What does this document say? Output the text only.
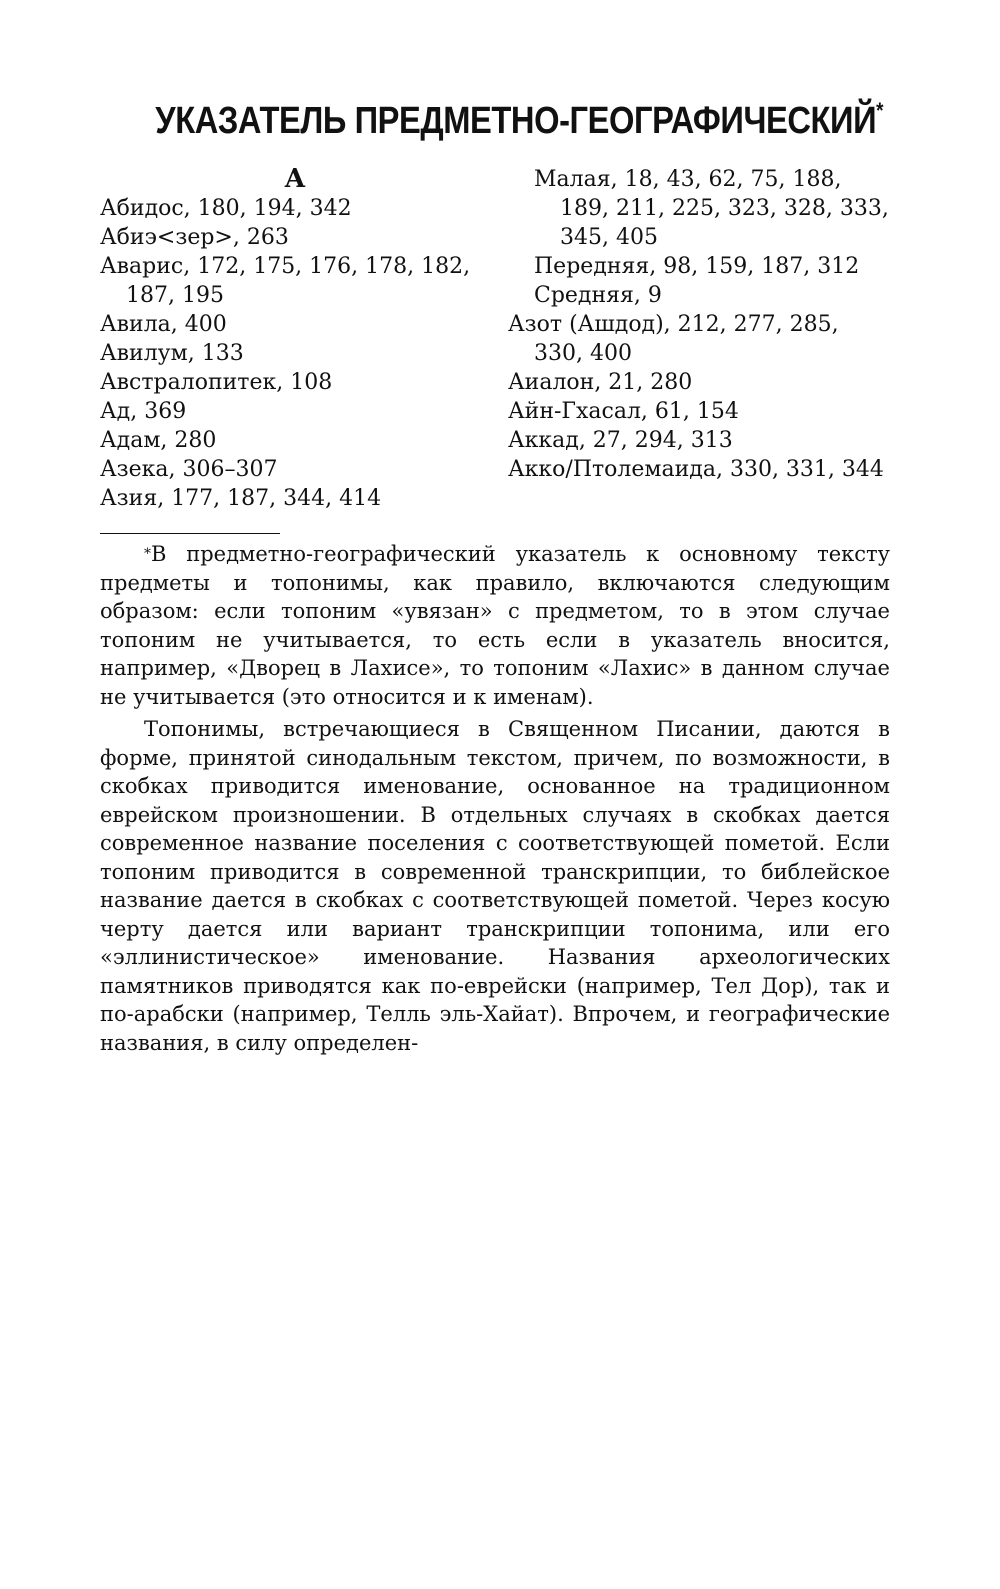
УКАЗАТЕЛЬ ПРЕДМЕТНО-ГЕОГРАФИЧЕСКИЙ*
А
Абидос, 180, 194, 342
Абиэ<зер>, 263
Аварис, 172, 175, 176, 178, 182, 187, 195
Авила, 400
Авилум, 133
Австралопитек, 108
Ад, 369
Адам, 280
Азека, 306–307
Азия, 177, 187, 344, 414
Малая, 18, 43, 62, 75, 188, 189, 211, 225, 323, 328, 333, 345, 405
Передняя, 98, 159, 187, 312
Средняя, 9
Азот (Ашдод), 212, 277, 285, 330, 400
Аиалон, 21, 280
Айн-Гхасал, 61, 154
Аккад, 27, 294, 313
Акко/Птолемаида, 330, 331, 344

*В предметно-географический указатель к основному тексту предметы и топонимы, как правило, включаются следующим образом: если топоним «увязан» с предметом, то в этом случае топоним не учитывается, то есть если в указатель вносится, например, «Дворец в Лахисе», то топоним «Лахис» в данном случае не учитывается (это относится и к именам).

Топонимы, встречающиеся в Священном Писании, даются в форме, принятой синодальным текстом, причем, по возможности, в скобках приводится именование, основанное на традиционном еврейском произношении. В отдельных случаях в скобках дается современное название поселения с соответствующей пометой. Если топоним приводится в современной транскрипции, то библейское название дается в скобках с соответствующей пометой. Через косую черту дается или вариант транскрипции топонима, или его «эллинистическое» именование. Названия археологических памятников приводятся как по-еврейски (например, Тел Дор), так и по-арабски (например, Телль эль-Хайат). Впрочем, и географические названия, в силу определен-
